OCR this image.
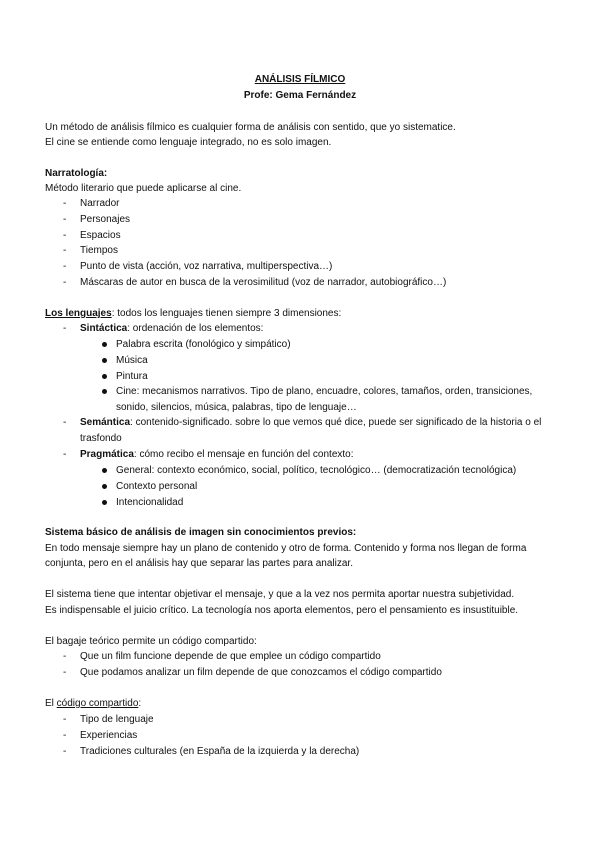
ANÁLISIS FÍLMICO
Profe: Gema Fernández
Un método de análisis fílmico es cualquier forma de análisis con sentido, que yo sistematice.
El cine se entiende como lenguaje integrado, no es solo imagen.
Narratología:
Método literario que puede aplicarse al cine.
- Narrador
- Personajes
- Espacios
- Tiempos
- Punto de vista (acción, voz narrativa, multiperspectiva…)
- Máscaras de autor en busca de la verosimilitud (voz de narrador, autobiográfico…)
Los lenguajes: todos los lenguajes tienen siempre 3 dimensiones:
- Sintáctica: ordenación de los elementos:
Palabra escrita (fonológico y simpático)
Música
Pintura
Cine: mecanismos narrativos. Tipo de plano, encuadre, colores, tamaños, orden, transiciones,
sonido, silencios, música, palabras, tipo de lenguaje…
- Semántica: contenido-significado. sobre lo que vemos qué dice, puede ser significado de la historia o el
trasfondo
- Pragmática: cómo recibo el mensaje en función del contexto:
General: contexto económico, social, político, tecnológico… (democratización tecnológica)
Contexto personal
Intencionalidad
Sistema básico de análisis de imagen sin conocimientos previos:
En todo mensaje siempre hay un plano de contenido y otro de forma. Contenido y forma nos llegan de forma
conjunta, pero en el análisis hay que separar las partes para analizar.
El sistema tiene que intentar objetivar el mensaje, y que a la vez nos permita aportar nuestra subjetividad.
Es indispensable el juicio crítico. La tecnología nos aporta elementos, pero el pensamiento es insustituible.
El bagaje teórico permite un código compartido:
- Que un film funcione depende de que emplee un código compartido
- Que podamos analizar un film depende de que conozcamos el código compartido
El código compartido:
- Tipo de lenguaje
- Experiencias
- Tradiciones culturales (en España de la izquierda y la derecha)
